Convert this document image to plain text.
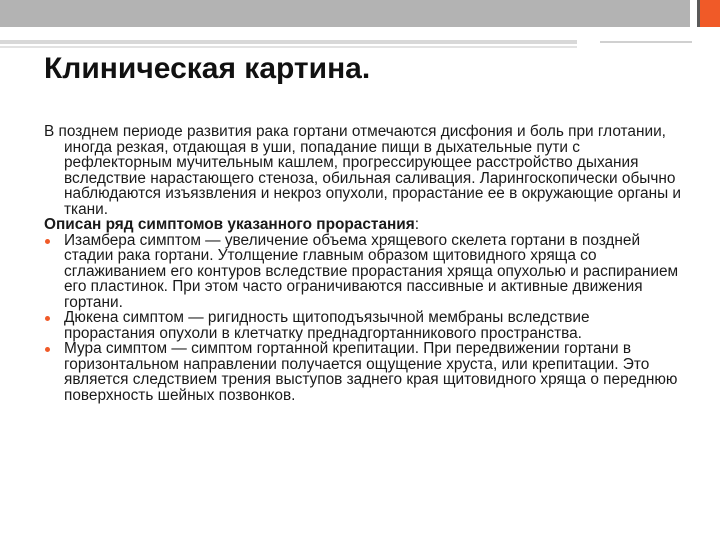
Клиническая картина.

В позднем периоде развития рака гортани отмечаются дисфония и боль при глотании, иногда резкая, отдающая в уши, попадание пищи в дыхательные пути с рефлекторным мучительным кашлем, прогрессирующее расстройство дыхания вследствие нарастающего стеноза, обильная саливация. Ларингоскопически обычно наблюдаются изъязвления и некроз опухоли, прорастание ее в окружающие органы и ткани.

Описан ряд симптомов указанного прорастания:

Изамбера симптом — увеличение объема хрящевого скелета гортани в поздней стадии рака гортани. Утолщение главным образом щитовидного хряща со сглаживанием его контуров вследствие прорастания хряща опухолью и распиранием его пластинок. При этом часто ограничиваются пассивные и активные движения гортани.
Дюкена симптом — ригидность щитоподъязычной мембраны вследствие прорастания опухоли в клетчатку преднадгортанникового пространства.
Мура симптом — симптом гортанной крепитации. При передвижении гортани в горизонтальном направлении получается ощущение хруста, или крепитации. Это является следствием трения выступов заднего края щитовидного хряща о переднюю поверхность шейных позвонков.
